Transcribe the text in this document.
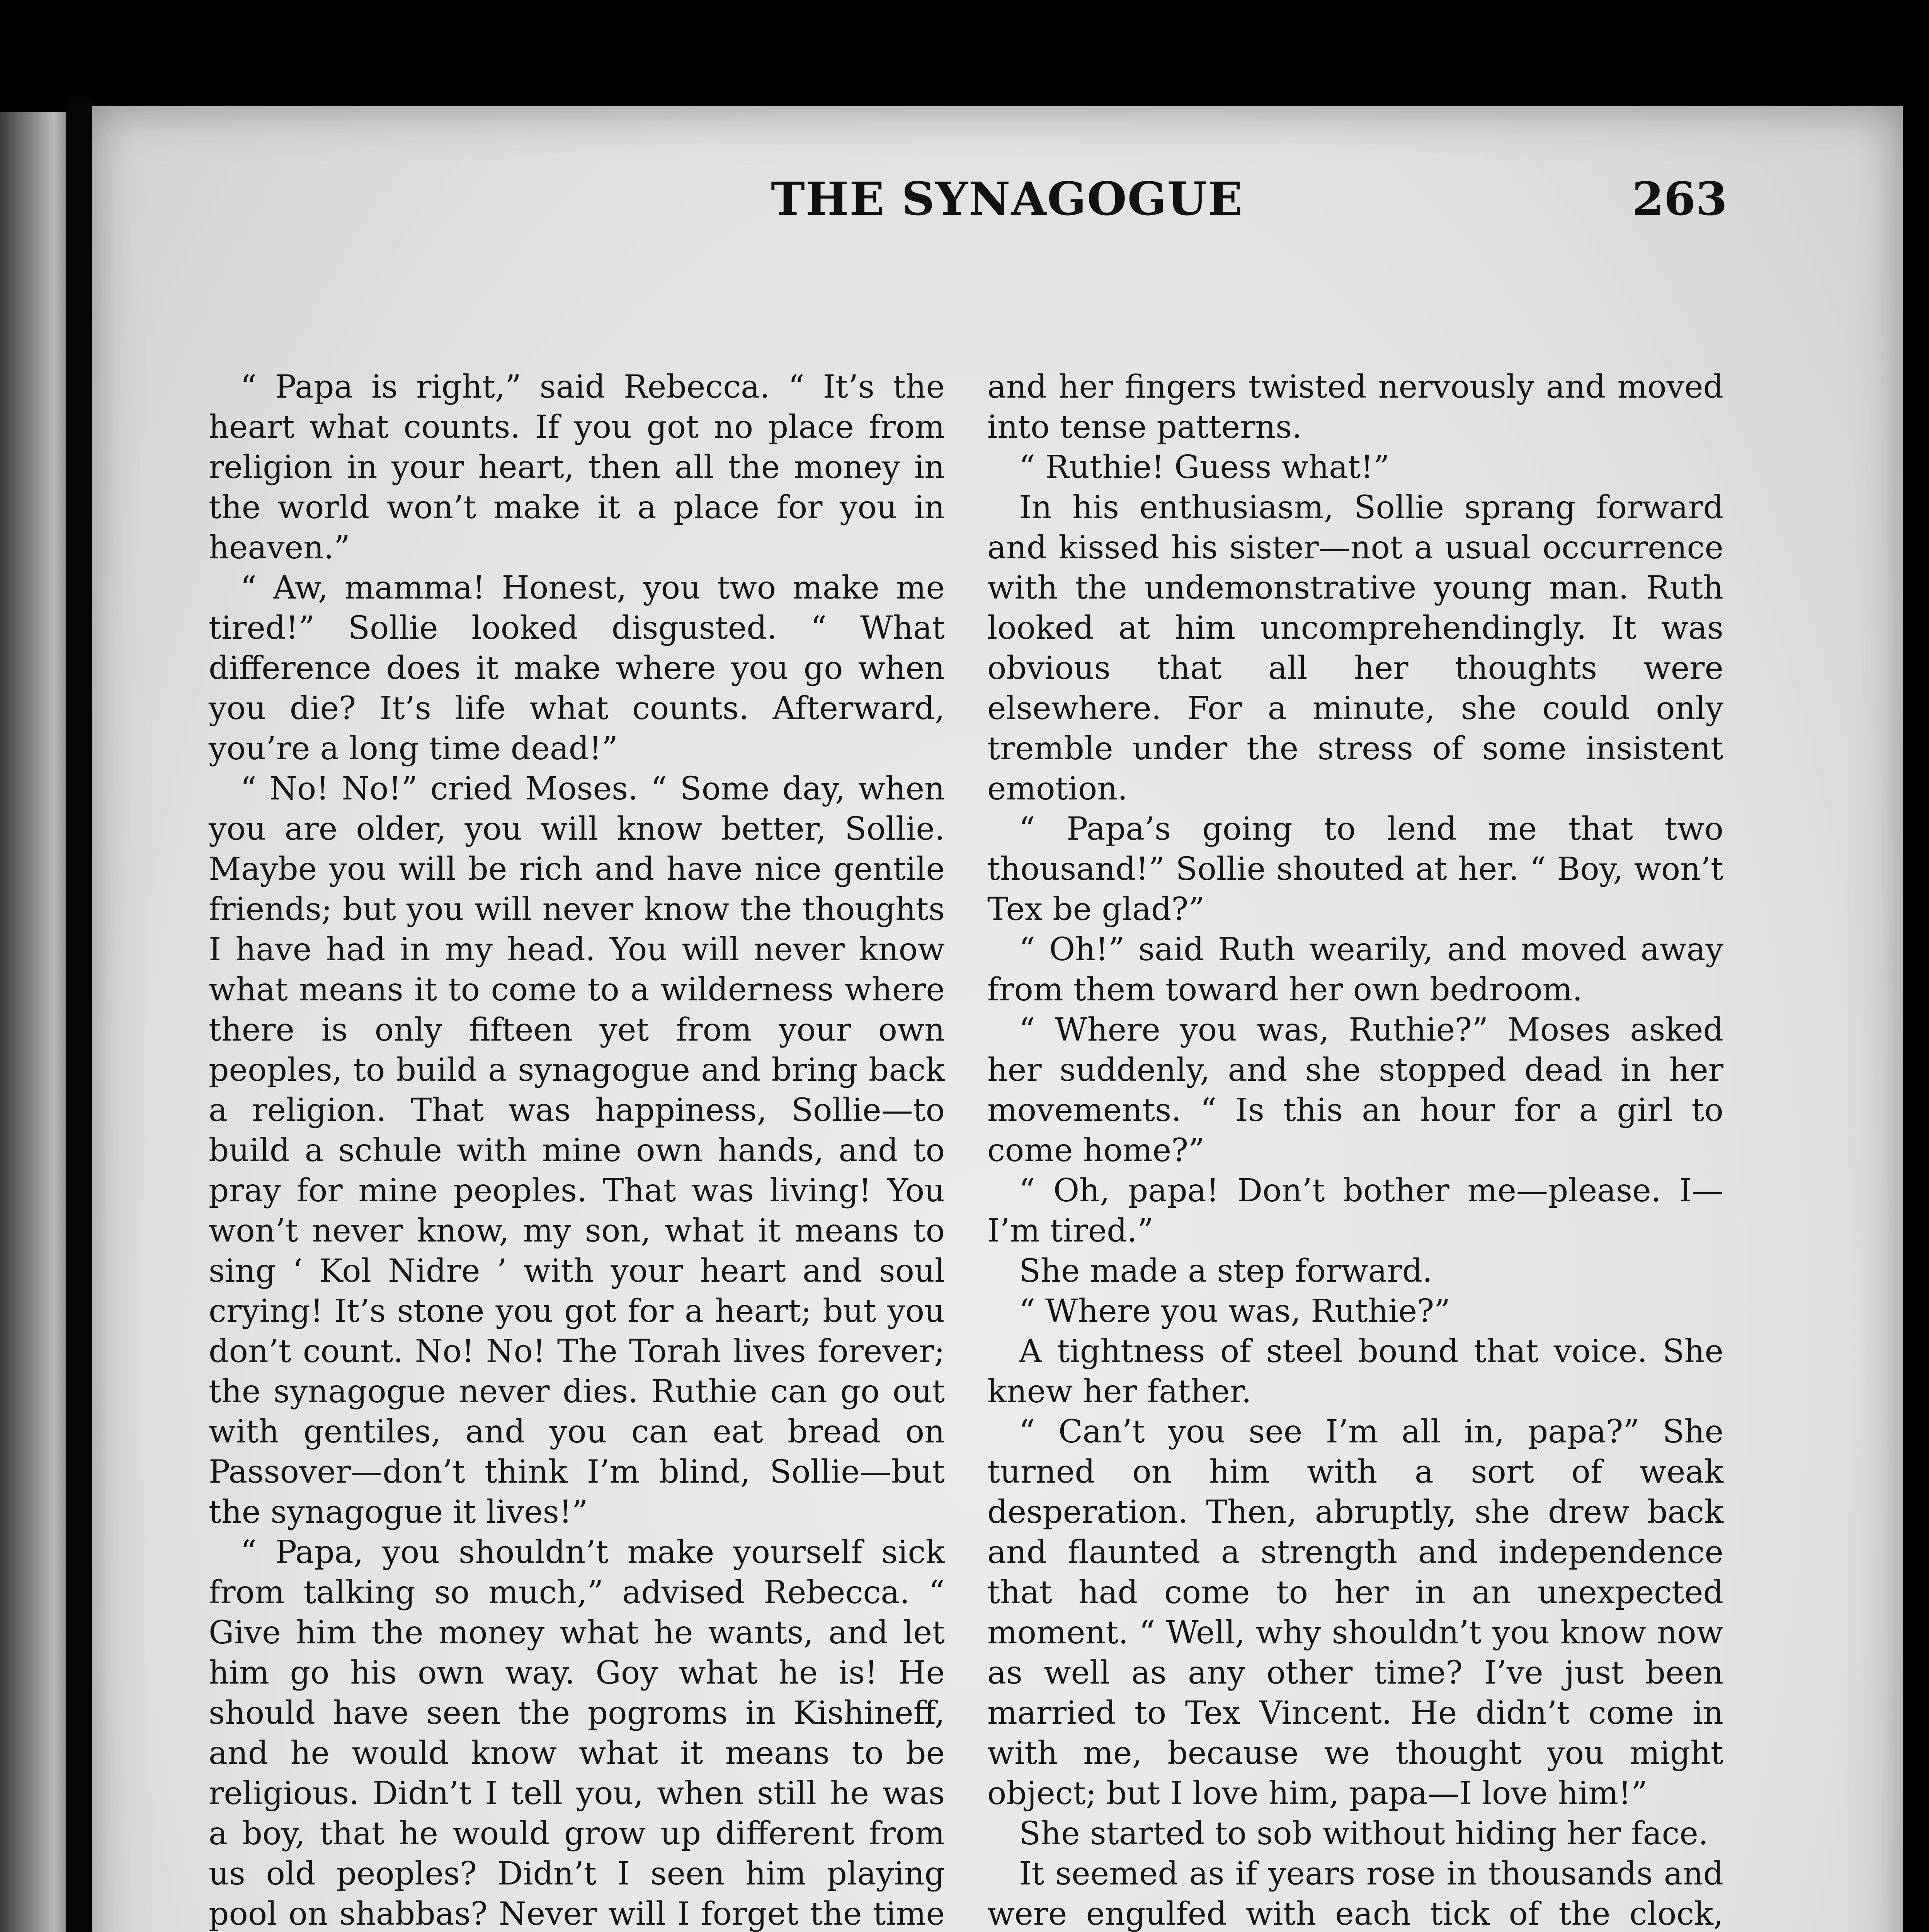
THE SYNAGOGUE	263

“ Papa is right,” said Rebecca. “ It’s the heart what counts. If you got no place from religion in your heart, then all the money in the world won’t make it a place for you in heaven.”

“ Aw, mamma! Honest, you two make me tired!” Sollie looked disgusted. “ What difference does it make where you go when you die? It’s life what counts. Afterward, you’re a long time dead!”

“ No! No!” cried Moses. “ Some day, when you are older, you will know better, Sollie. Maybe you will be rich and have nice gentile friends; but you will never know the thoughts I have had in my head. You will never know what means it to come to a wilderness where there is only fifteen yet from your own peoples, to build a synagogue and bring back a religion. That was happiness, Sollie—to build a schule with mine own hands, and to pray for mine peoples. That was living! You won’t never know, my son, what it means to sing ‘ Kol Nidre ’ with your heart and soul crying! It’s stone you got for a heart; but you don’t count. No! No! The Torah lives forever; the synagogue never dies. Ruthie can go out with gentiles, and you can eat bread on Passover—don’t think I’m blind, Sollie—but the synagogue it lives!”

“ Papa, you shouldn’t make yourself sick from talking so much,” advised Rebecca. “ Give him the money what he wants, and let him go his own way. Goy what he is! He should have seen the pogroms in Kishineff, and he would know what it means to be religious. Didn’t I tell you, when still he was a boy, that he would grow up different from us old peoples? Didn’t I seen him playing pool on shabbas? Never will I forget the time

and her fingers twisted nervously and moved into tense patterns.

“ Ruthie! Guess what!”

In his enthusiasm, Sollie sprang forward and kissed his sister—not a usual occurrence with the undemonstrative young man. Ruth looked at him uncomprehendingly. It was obvious that all her thoughts were elsewhere. For a minute, she could only tremble under the stress of some insistent emotion.

“ Papa’s going to lend me that two thousand!” Sollie shouted at her. “ Boy, won’t Tex be glad?”

“ Oh!” said Ruth wearily, and moved away from them toward her own bedroom.

“ Where you was, Ruthie?” Moses asked her suddenly, and she stopped dead in her movements. “ Is this an hour for a girl to come home?”

“ Oh, papa! Don’t bother me—please. I—I’m tired.”

She made a step forward.

“ Where you was, Ruthie?”

A tightness of steel bound that voice. She knew her father.

“ Can’t you see I’m all in, papa?” She turned on him with a sort of weak desperation. Then, abruptly, she drew back and flaunted a strength and independence that had come to her in an unexpected moment. “ Well, why shouldn’t you know now as well as any other time? I’ve just been married to Tex Vincent. He didn’t come in with me, because we thought you might object; but I love him, papa—I love him!”

She started to sob without hiding her face.

It seemed as if years rose in thousands and were engulfed with each tick of the clock,
